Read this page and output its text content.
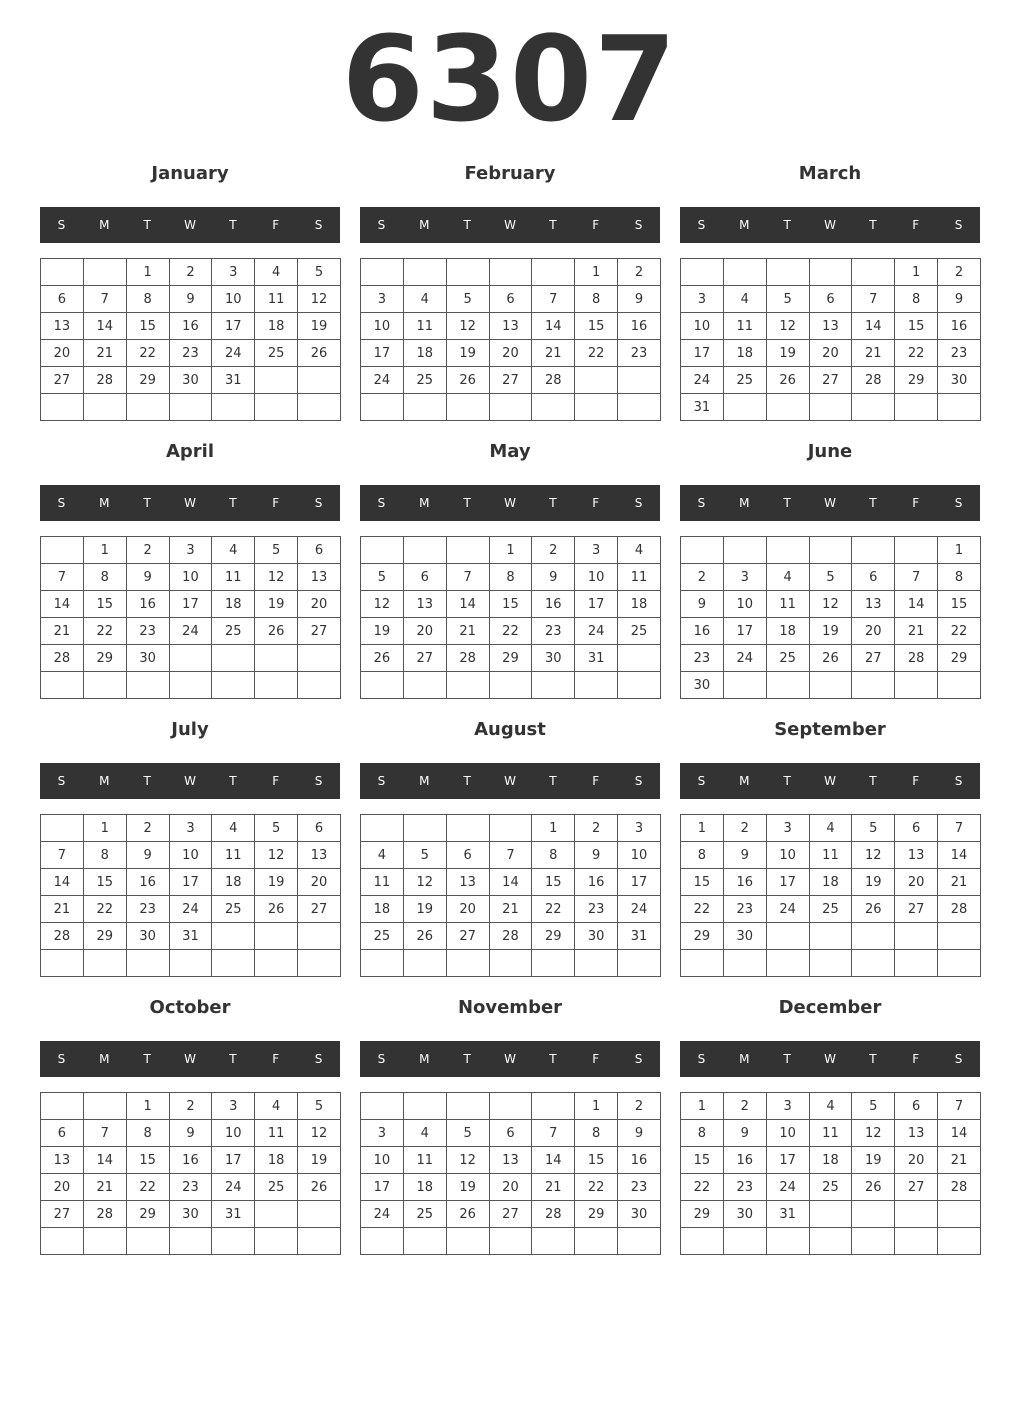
6307
January
S	M	T	W	T	F	S
		1	2	3	4	5
6	7	8	9	10	11	12
13	14	15	16	17	18	19
20	21	22	23	24	25	26
27	28	29	30	31		

February
S	M	T	W	T	F	S
					1	2
3	4	5	6	7	8	9
10	11	12	13	14	15	16
17	18	19	20	21	22	23
24	25	26	27	28		

March
S	M	T	W	T	F	S
					1	2
3	4	5	6	7	8	9
10	11	12	13	14	15	16
17	18	19	20	21	22	23
24	25	26	27	28	29	30
31						
April
S	M	T	W	T	F	S
	1	2	3	4	5	6
7	8	9	10	11	12	13
14	15	16	17	18	19	20
21	22	23	24	25	26	27
28	29	30				

May
S	M	T	W	T	F	S
			1	2	3	4
5	6	7	8	9	10	11
12	13	14	15	16	17	18
19	20	21	22	23	24	25
26	27	28	29	30	31	

June
S	M	T	W	T	F	S
						1
2	3	4	5	6	7	8
9	10	11	12	13	14	15
16	17	18	19	20	21	22
23	24	25	26	27	28	29
30						
July
S	M	T	W	T	F	S
	1	2	3	4	5	6
7	8	9	10	11	12	13
14	15	16	17	18	19	20
21	22	23	24	25	26	27
28	29	30	31			

August
S	M	T	W	T	F	S
				1	2	3
4	5	6	7	8	9	10
11	12	13	14	15	16	17
18	19	20	21	22	23	24
25	26	27	28	29	30	31

September
S	M	T	W	T	F	S
1	2	3	4	5	6	7
8	9	10	11	12	13	14
15	16	17	18	19	20	21
22	23	24	25	26	27	28
29	30					

October
S	M	T	W	T	F	S
		1	2	3	4	5
6	7	8	9	10	11	12
13	14	15	16	17	18	19
20	21	22	23	24	25	26
27	28	29	30	31		

November
S	M	T	W	T	F	S
					1	2
3	4	5	6	7	8	9
10	11	12	13	14	15	16
17	18	19	20	21	22	23
24	25	26	27	28	29	30

December
S	M	T	W	T	F	S
1	2	3	4	5	6	7
8	9	10	11	12	13	14
15	16	17	18	19	20	21
22	23	24	25	26	27	28
29	30	31				
